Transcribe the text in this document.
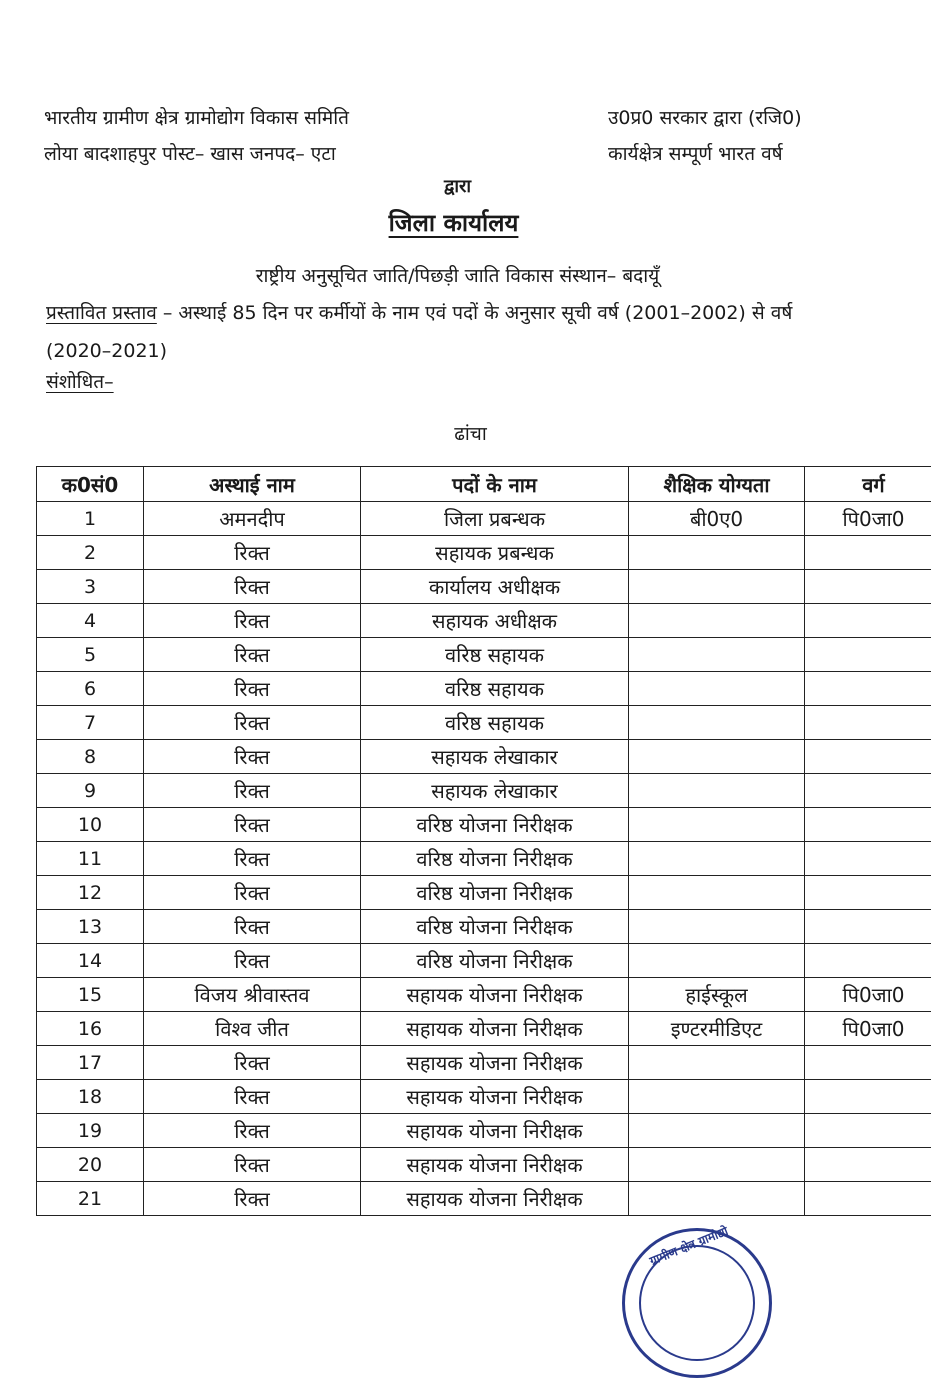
भारतीय ग्रामीण क्षेत्र ग्रामोद्योग विकास समिति
लोया बादशाहपुर पोस्ट– खास जनपद– एटा
उ0प्र0 सरकार द्वारा (रजि0)
कार्यक्षेत्र सम्पूर्ण भारत वर्ष
द्वारा
जिला कार्यालय
राष्ट्रीय अनुसूचित जाति/पिछड़ी जाति विकास संस्थान– बदायूँ
प्रस्तावित प्रस्ताव – अस्थाई 85 दिन पर कर्मीयों के नाम एवं पदों के अनुसार सूची वर्ष (2001–2002) से वर्ष (2020–2021)
संशोधित–
ढांचा
क0सं0	अस्थाई नाम	पदों के नाम	शैक्षिक योग्यता	वर्ग
1	अमनदीप	जिला प्रबन्धक	बी0ए0	पि0जा0
2	रिक्त	सहायक प्रबन्धक		
3	रिक्त	कार्यालय अधीक्षक		
4	रिक्त	सहायक अधीक्षक		
5	रिक्त	वरिष्ठ सहायक		
6	रिक्त	वरिष्ठ सहायक		
7	रिक्त	वरिष्ठ सहायक		
8	रिक्त	सहायक लेखाकार		
9	रिक्त	सहायक लेखाकार		
10	रिक्त	वरिष्ठ योजना निरीक्षक		
11	रिक्त	वरिष्ठ योजना निरीक्षक		
12	रिक्त	वरिष्ठ योजना निरीक्षक		
13	रिक्त	वरिष्ठ योजना निरीक्षक		
14	रिक्त	वरिष्ठ योजना निरीक्षक		
15	विजय श्रीवास्तव	सहायक योजना निरीक्षक	हाईस्कूल	पि0जा0
16	विश्व जीत	सहायक योजना निरीक्षक	इण्टरमीडिएट	पि0जा0
17	रिक्त	सहायक योजना निरीक्षक		
18	रिक्त	सहायक योजना निरीक्षक		
19	रिक्त	सहायक योजना निरीक्षक		
20	रिक्त	सहायक योजना निरीक्षक		
21	रिक्त	सहायक योजना निरीक्षक		
ग्रामीण क्षेत्र ग्रामोद्यो
